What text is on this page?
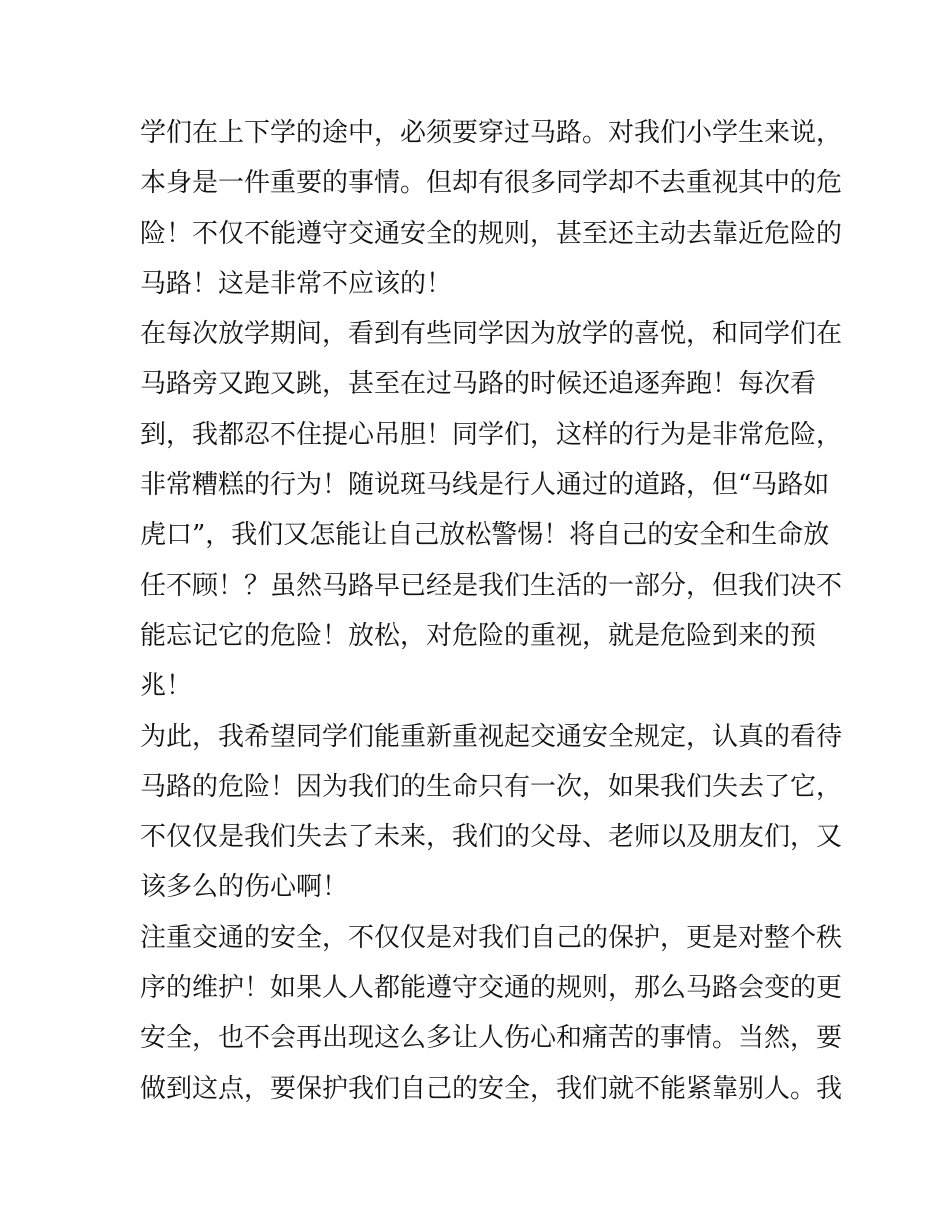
学们在上下学的途中，必须要穿过马路。对我们小学生来说，
本身是一件重要的事情。但却有很多同学却不去重视其中的危
险！不仅不能遵守交通安全的规则，甚至还主动去靠近危险的
马路！这是非常不应该的！
在每次放学期间，看到有些同学因为放学的喜悦，和同学们在
马路旁又跑又跳，甚至在过马路的时候还追逐奔跑！每次看
到，我都忍不住提心吊胆！同学们，这样的行为是非常危险，
非常糟糕的行为！随说斑马线是行人通过的道路，但“马路如
虎口”，我们又怎能让自己放松警惕！将自己的安全和生命放
任不顾！？虽然马路早已经是我们生活的一部分，但我们决不
能忘记它的危险！放松，对危险的重视，就是危险到来的预
兆！
为此，我希望同学们能重新重视起交通安全规定，认真的看待
马路的危险！因为我们的生命只有一次，如果我们失去了它，
不仅仅是我们失去了未来，我们的父母、老师以及朋友们，又
该多么的伤心啊！
注重交通的安全，不仅仅是对我们自己的保护，更是对整个秩
序的维护！如果人人都能遵守交通的规则，那么马路会变的更
安全，也不会再出现这么多让人伤心和痛苦的事情。当然，要
做到这点，要保护我们自己的安全，我们就不能紧靠别人。我
